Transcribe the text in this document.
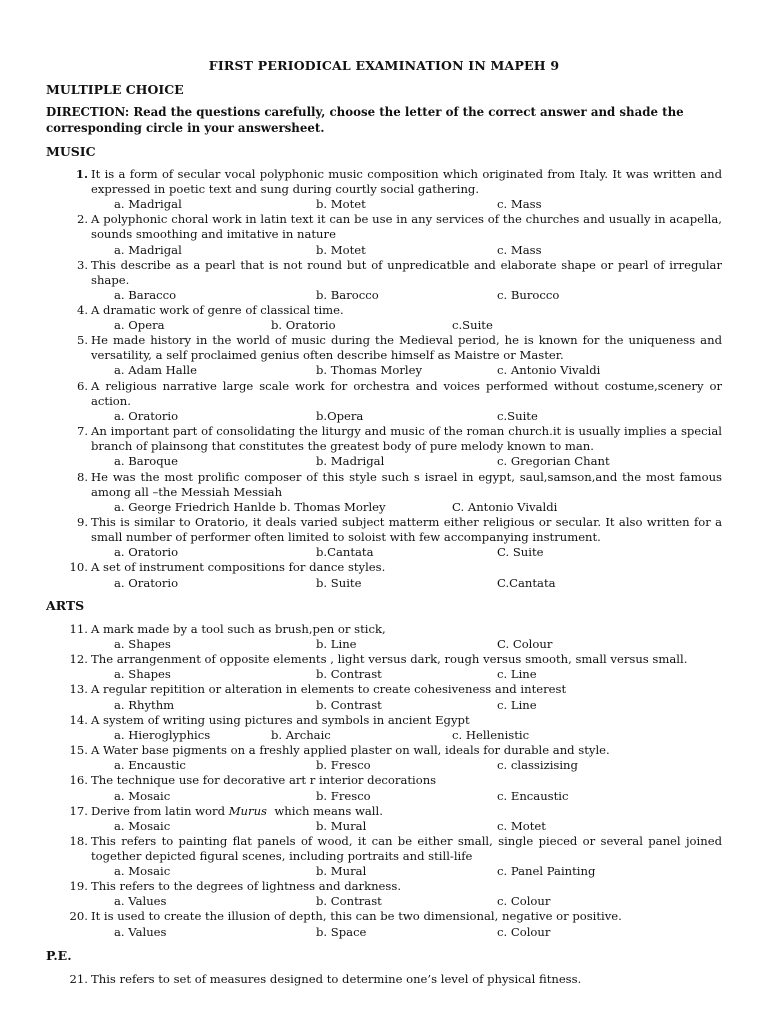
FIRST PERIODICAL EXAMINATION IN MAPEH 9
MULTIPLE CHOICE
DIRECTION: Read the questions carefully, choose the letter of the correct answer and shade the corresponding circle in your answersheet.
MUSIC
1. It is a form of secular vocal polyphonic music composition which originated from Italy. It was written and expressed in poetic text and sung during courtly social gathering.
a. Madrigal	b. Motet	c. Mass
2. A polyphonic choral work in latin text it can be use in any services of the churches and usually in acapella, sounds smoothing and imitative in nature
a. Madrigal	b. Motet	c. Mass
3. This describe as a pearl that is not round but of unpredicatble and elaborate shape or pearl of irregular shape.
a. Baracco	b. Barocco	c. Burocco
4. A dramatic work of genre of classical time.
a. Opera	b. Oratorio	c.Suite
5. He made history in the world of music during the Medieval period, he is known for the uniqueness and versatility, a self proclaimed genius often describe himself as Maistre or Master.
a. Adam Halle	b. Thomas Morley	c. Antonio Vivaldi
6. A religious narrative large scale work for orchestra and voices performed without costume,scenery or action.
a. Oratorio	b.Opera	c.Suite
7. An important part of consolidating the liturgy and music of the roman church.it is usually implies a special branch of plainsong that constitutes the greatest body of pure melody known to man.
a. Baroque	b. Madrigal	c. Gregorian Chant
8. He was the most prolific composer of this style such s israel in egypt, saul,samson,and the most famous among all –the Messiah Messiah
a. George Friedrich Hanlde b. Thomas Morley	C. Antonio Vivaldi
9. This is similar to Oratorio, it deals varied subject matterm either religious or secular. It also written for a small number of performer often limited to soloist with few accompanying instrument.
a. Oratorio	b.Cantata	C. Suite
10. A set of instrument compositions for dance styles.
a. Oratorio	b. Suite	C.Cantata
ARTS
11. A mark made by a tool such as brush,pen or stick,
a. Shapes	b. Line	C. Colour
12. The arrangenment of opposite elements , light versus dark, rough versus smooth, small versus small.
a. Shapes	b. Contrast	c. Line
13. A regular repitition or alteration in elements to create cohesiveness and interest
a. Rhythm	b. Contrast	c. Line
14. A system of writing using pictures and symbols in ancient Egypt
a. Hieroglyphics	b. Archaic	c. Hellenistic
15. A Water base pigments on a freshly applied plaster on wall, ideals for durable and style.
a. Encaustic	b. Fresco	c. classizising
16. The technique use for decorative art r interior decorations
a. Mosaic	b. Fresco	c. Encaustic
17. Derive from latin word Murus  which means wall.
a. Mosaic	b. Mural	c. Motet
18. This refers to painting flat panels of wood, it can be either small, single pieced or several panel joined together depicted figural scenes, including portraits and still-life
a. Mosaic	b. Mural	c. Panel Painting
19. This refers to the degrees of lightness and darkness.
a. Values	b. Contrast	c. Colour
20. It is used to create the illusion of depth, this can be two dimensional, negative or positive.
a. Values	b. Space	c. Colour
P.E.
21. This refers to set of measures designed to determine one’s level of physical fitness.
